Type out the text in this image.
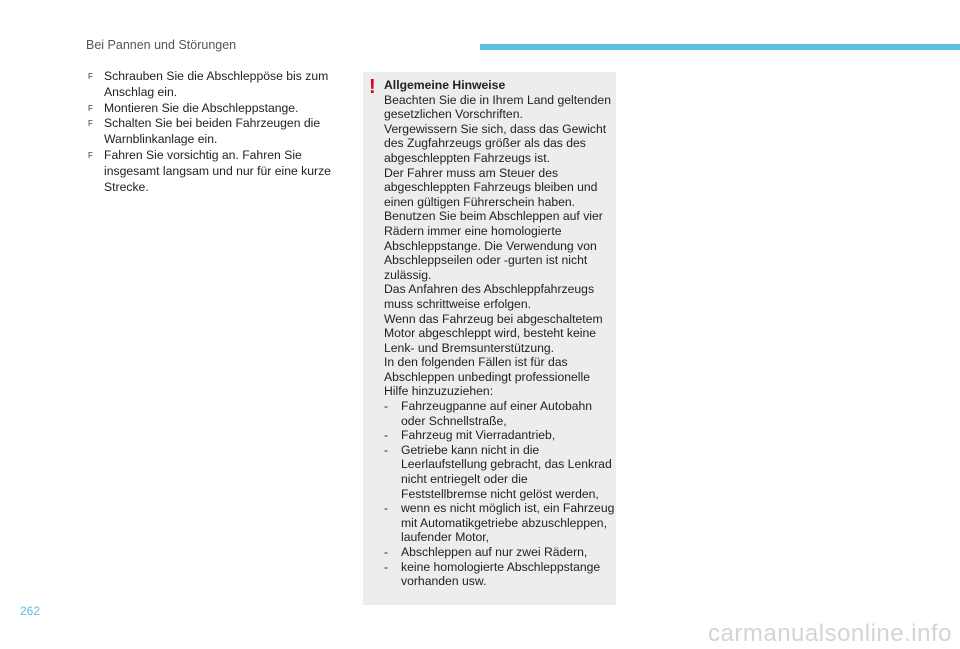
Bei Pannen und Störungen
F Schrauben Sie die Abschleppöse bis zum Anschlag ein.
F Montieren Sie die Abschleppstange.
F Schalten Sie bei beiden Fahrzeugen die Warnblinkanlage ein.
F Fahren Sie vorsichtig an. Fahren Sie insgesamt langsam und nur für eine kurze Strecke.
! Allgemeine Hinweise

Beachten Sie die in Ihrem Land geltenden gesetzlichen Vorschriften.

Vergewissern Sie sich, dass das Gewicht des Zugfahrzeugs größer als das des abgeschleppten Fahrzeugs ist.

Der Fahrer muss am Steuer des abgeschleppten Fahrzeugs bleiben und einen gültigen Führerschein haben.

Benutzen Sie beim Abschleppen auf vier Rädern immer eine homologierte Abschleppstange. Die Verwendung von Abschleppseilen oder -gurten ist nicht zulässig.

Das Anfahren des Abschleppfahrzeugs muss schrittweise erfolgen.

Wenn das Fahrzeug bei abgeschaltetem Motor abgeschleppt wird, besteht keine Lenk- und Bremsunterstützung.

In den folgenden Fällen ist für das Abschleppen unbedingt professionelle Hilfe hinzuzuziehen:

- Fahrzeugpanne auf einer Autobahn oder Schnellstraße,
- Fahrzeug mit Vierradantrieb,
- Getriebe kann nicht in die Leerlaufstellung gebracht, das Lenkrad nicht entriegelt oder die Feststellbremse nicht gelöst werden,
- wenn es nicht möglich ist, ein Fahrzeug mit Automatikgetriebe abzuschleppen, laufender Motor,
- Abschleppen auf nur zwei Rädern,
- keine homologierte Abschleppstange vorhanden usw.
262
carmanualsonline.info
